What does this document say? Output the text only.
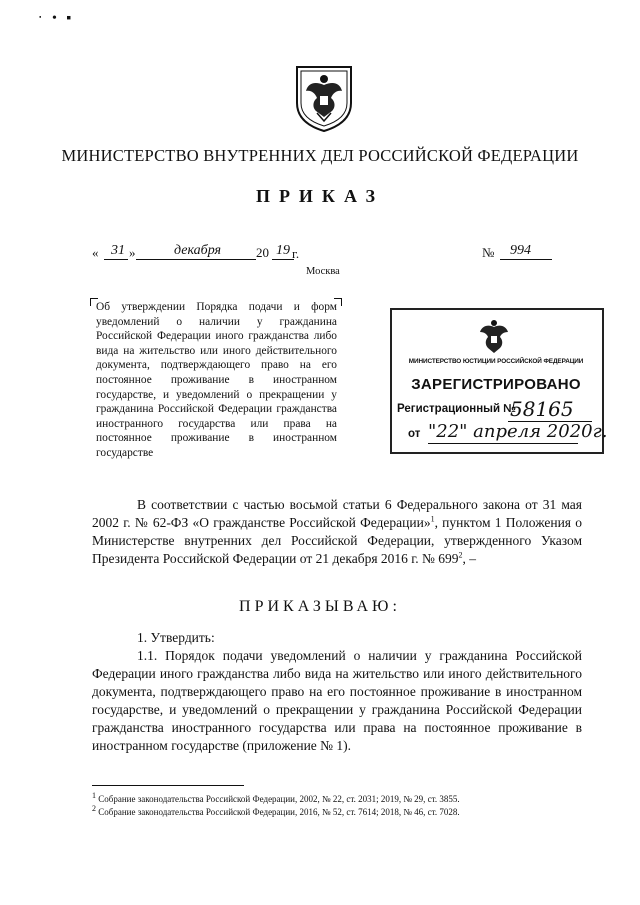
‧ • ▪
МИНИСТЕРСТВО ВНУТРЕННИХ ДЕЛ РОССИЙСКОЙ ФЕДЕРАЦИИ
ПРИКАЗ
« 31 »	декабря	20 19 г.	№ 994
Москва
Об утверждении Порядка подачи и форм уведомлений о наличии у гражданина Российской Федерации иного гражданства либо вида на жительство или иного действительного документа, подтверждающего право на его постоянное проживание в иностранном государстве, и уведомлений о прекращении у гражданина Российской Федерации гражданства иностранного государства или права на постоянное проживание в иностранном государстве
МИНИСТЕРСТВО ЮСТИЦИИ РОССИЙСКОЙ ФЕДЕРАЦИИ
ЗАРЕГИСТРИРОВАНО
Регистрационный №
58165
от "22" апреля 2020г.
В соответствии с частью восьмой статьи 6 Федерального закона от 31 мая 2002 г. № 62-ФЗ «О гражданстве Российской Федерации»$^1$, пунктом 1 Положения о Министерстве внутренних дел Российской Федерации, утвержденного Указом Президента Российской Федерации от 21 декабря 2016 г. № $699^2$, –
ПРИКАЗЫВАЮ:
1. Утвердить:
1.1. Порядок подачи уведомлений о наличии у гражданина Российской Федерации иного гражданства либо вида на жительство или иного действительного документа, подтверждающего право на его постоянное проживание в иностранном государстве, и уведомлений о прекращении у гражданина Российской Федерации гражданства иностранного государства или права на постоянное проживание в иностранном государстве (приложение № 1).
$^1$ Собрание законодательства Российской Федерации, 2002, № 22, ст. 2031; 2019, № 29, ст. 3855.
$^2$ Собрание законодательства Российской Федерации, 2016, № 52, ст. 7614; 2018, № 46, ст. 7028.
